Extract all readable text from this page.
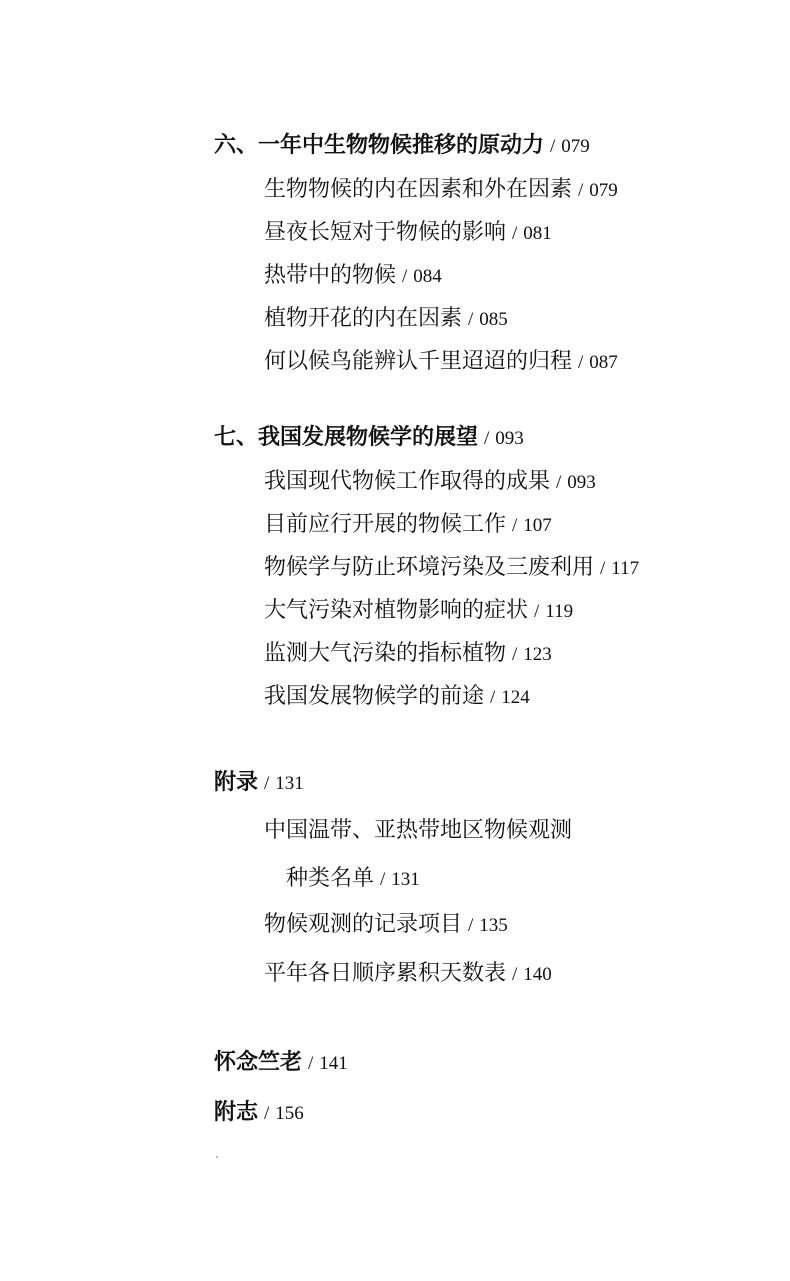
六、一年中生物物候推移的原动力 / 079
生物物候的内在因素和外在因素 / 079
昼夜长短对于物候的影响 / 081
热带中的物候 / 084
植物开花的内在因素 / 085
何以候鸟能辨认千里迢迢的归程 / 087
七、我国发展物候学的展望 / 093
我国现代物候工作取得的成果 / 093
目前应行开展的物候工作 / 107
物候学与防止环境污染及三废利用 / 117
大气污染对植物影响的症状 / 119
监测大气污染的指标植物 / 123
我国发展物候学的前途 / 124
附录 / 131
中国温带、亚热带地区物候观测
种类名单 / 131
物候观测的记录项目 / 135
平年各日顺序累积天数表 / 140
怀念竺老 / 141
附志 / 156
